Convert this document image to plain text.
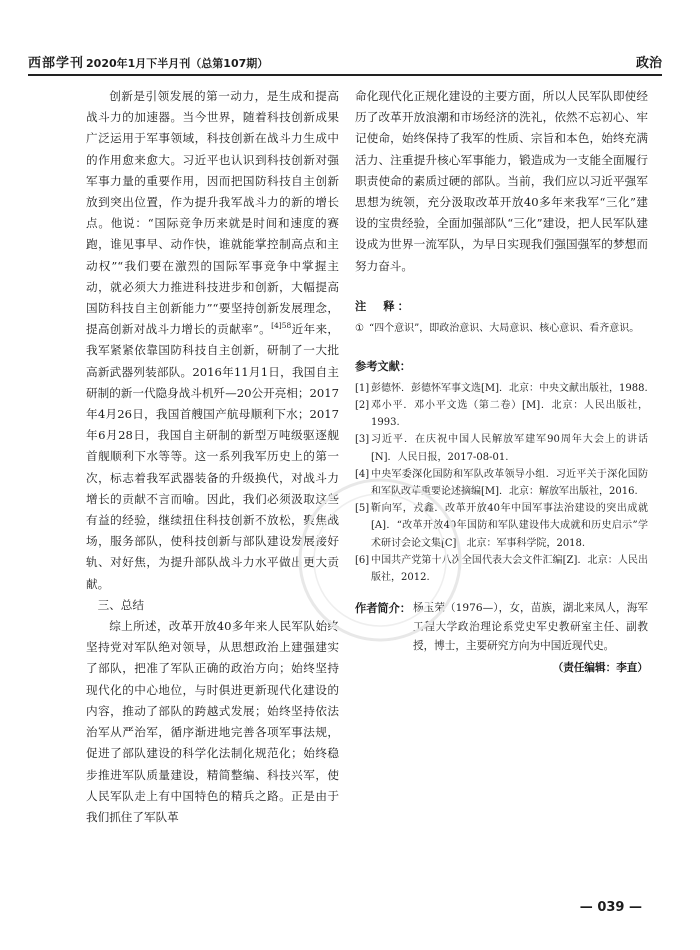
西部学刊 2020年1月下半月刊（总第107期）	政治

创新是引领发展的第一动力，是生成和提高战斗力的加速器。当今世界，随着科技创新成果广泛运用于军事领域，科技创新在战斗力生成中的作用愈来愈大。习近平也认识到科技创新对强军事力量的重要作用，因而把国防科技自主创新放到突出位置，作为提升我军战斗力的新的增长点。他说：“国际竞争历来就是时间和速度的赛跑，谁见事早、动作快，谁就能掌控制高点和主动权”“我们要在激烈的国际军事竞争中掌握主动，就必须大力推进科技进步和创新，大幅提高国防科技自主创新能力”“要坚持创新发展理念，提高创新对战斗力增长的贡献率”。$^{[4]58}$近年来，我军紧紧依靠国防科技自主创新，研制了一大批高新武器列装部队。2016年11月1日，我国自主研制的新一代隐身战斗机歼—20公开亮相；2017年4月26日，我国首艘国产航母顺利下水；2017年6月28日，我国自主研制的新型万吨级驱逐舰首舰顺利下水等等。这一系列我军历史上的第一次，标志着我军武器装备的升级换代，对战斗力增长的贡献不言而喻。因此，我们必须汲取这些有益的经验，继续扭住科技创新不放松，聚焦战场，服务部队，使科技创新与部队建设发展接好轨、对好焦，为提升部队战斗力水平做出更大贡献。

三、总结

综上所述，改革开放40多年来人民军队始终坚持党对军队绝对领导，从思想政治上建强建实了部队，把准了军队正确的政治方向；始终坚持现代化的中心地位，与时俱进更新现代化建设的内容，推动了部队的跨越式发展；始终坚持依法治军从严治军，循序渐进地完善各项军事法规，促进了部队建设的科学化法制化规范化；始终稳步推进军队质量建设，精简整编、科技兴军，使人民军队走上有中国特色的精兵之路。正是由于我们抓住了军队革

命化现代化正规化建设的主要方面，所以人民军队即使经历了改革开放浪潮和市场经济的洗礼，依然不忘初心、牢记使命，始终保持了我军的性质、宗旨和本色，始终充满活力、注重提升核心军事能力，锻造成为一支能全面履行职责使命的素质过硬的部队。当前，我们应以习近平强军思想为统领，充分汲取改革开放40多年来我军“三化”建设的宝贵经验，全面加强部队“三化”建设，把人民军队建设成为世界一流军队，为早日实现我们强国强军的梦想而努力奋斗。

注　释：
① “四个意识”，即政治意识、大局意识、核心意识、看齐意识。
参考文献：
[1] 彭德怀．彭德怀军事文选[M]．北京：中央文献出版社，1988.
[2] 邓小平．邓小平文选（第二卷）[M]．北京：人民出版社，1993.
[3] 习近平．在庆祝中国人民解放军建军90周年大会上的讲话[N]．人民日报，2017-08-01.
[4] 中央军委深化国防和军队改革领导小组．习近平关于深化国防和军队改革重要论述摘编[M]．北京：解放军出版社，2016.
[5] 靳向军，戎鑫．改革开放40年中国军事法治建设的突出成就[A]．“改革开放40年国防和军队建设伟大成就和历史启示”学术研讨会论文集[C]．北京：军事科学院，2018.
[6] 中国共产党第十八次全国代表大会文件汇编[Z]．北京：人民出版社，2012.
作者简介： 杨玉荣（1976—），女，苗族，湖北来凤人，海军工程大学政治理论系党史军史教研室主任、副教授，博士，主要研究方向为中国近现代史。
（责任编辑：李直）
— 039 —
